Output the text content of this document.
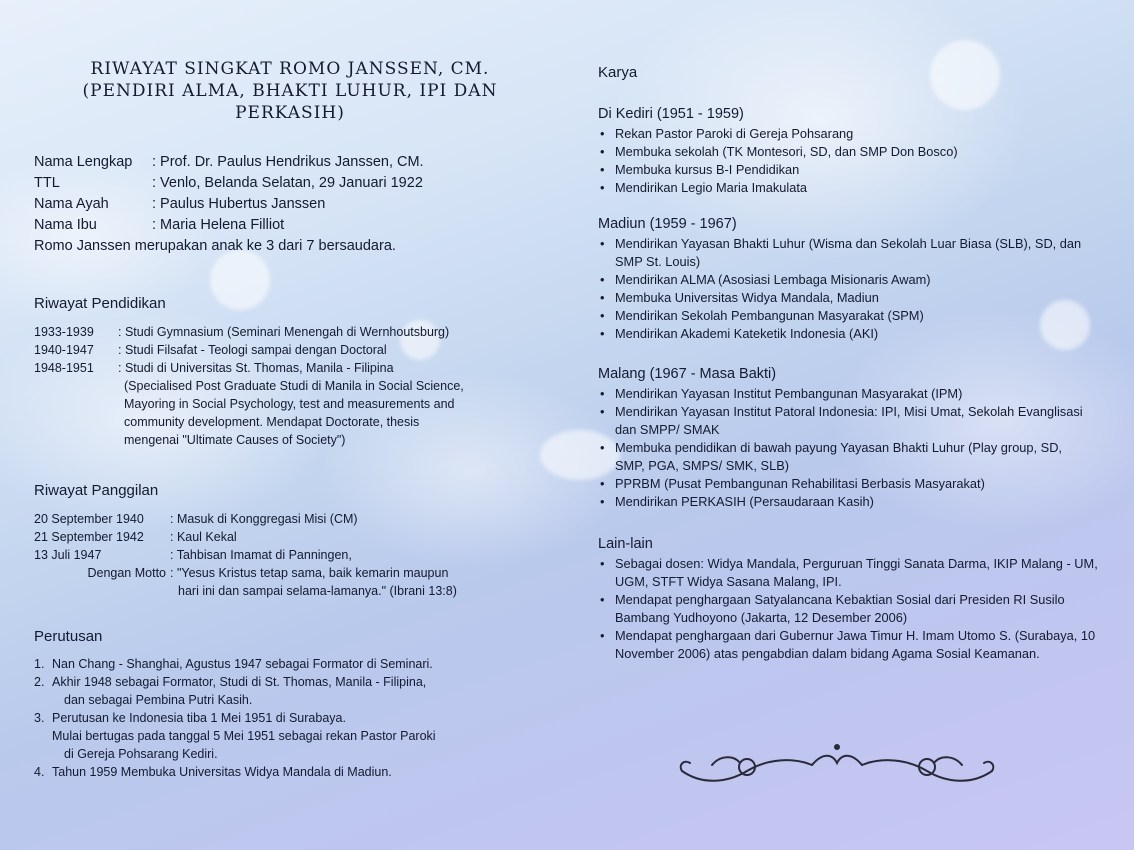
RIWAYAT SINGKAT ROMO JANSSEN, CM.
(PENDIRI ALMA, BHAKTI LUHUR, IPI DAN PERKASIH)
Nama Lengkap	: Prof. Dr. Paulus Hendrikus Janssen, CM.
TTL	: Venlo, Belanda Selatan, 29 Januari 1922
Nama Ayah	: Paulus Hubertus Janssen
Nama Ibu	: Maria Helena Filliot
Romo Janssen merupakan anak ke 3 dari 7 bersaudara.	
Riwayat Pendidikan
1933-1939	: Studi Gymnasium (Seminari Menengah di Wernhoutsburg)
1940-1947	: Studi Filsafat - Teologi sampai dengan Doctoral
1948-1951	: Studi di Universitas St. Thomas, Manila - Filipina
(Specialised Post Graduate Studi di Manila in Social Science,
Mayoring in Social Psychology, test and measurements and
community development. Mendapat Doctorate, thesis
mengenai "Ultimate Causes of Society")
Riwayat Panggilan
20 September 1940	: Masuk di Konggregasi Misi (CM)
21 September 1942	: Kaul Kekal
13 Juli 1947	: Tahbisan Imamat di Panningen,
Dengan Motto : "Yesus Kristus tetap sama, baik kemarin maupun
hari ini dan sampai selama-lamanya." (Ibrani 13:8)
Perutusan
1. Nan Chang - Shanghai, Agustus 1947 sebagai Formator di Seminari.
2. Akhir 1948 sebagai Formator, Studi di St. Thomas, Manila - Filipina,
dan sebagai Pembina Putri Kasih.
3. Perutusan ke Indonesia tiba 1 Mei 1951 di Surabaya.
Mulai bertugas pada tanggal 5 Mei 1951 sebagai rekan Pastor Paroki
di Gereja Pohsarang Kediri.
4. Tahun 1959 Membuka Universitas Widya Mandala di Madiun.
Karya
Di Kediri (1951 - 1959)
• Rekan Pastor Paroki di Gereja Pohsarang
• Membuka sekolah (TK Montesori, SD, dan SMP Don Bosco)
• Membuka kursus B-I Pendidikan
• Mendirikan Legio Maria Imakulata
Madiun (1959 - 1967)
• Mendirikan Yayasan Bhakti Luhur (Wisma dan Sekolah Luar Biasa (SLB), SD, dan SMP St. Louis)
• Mendirikan ALMA (Asosiasi Lembaga Misionaris Awam)
• Membuka Universitas Widya Mandala, Madiun
• Mendirikan Sekolah Pembangunan Masyarakat (SPM)
• Mendirikan Akademi Kateketik Indonesia (AKI)
Malang (1967 - Masa Bakti)
• Mendirikan Yayasan Institut Pembangunan Masyarakat (IPM)
• Mendirikan Yayasan Institut Patoral Indonesia: IPI, Misi Umat, Sekolah Evanglisasi dan SMPP/ SMAK
• Membuka pendidikan di bawah payung Yayasan Bhakti Luhur (Play group, SD, SMP, PGA, SMPS/ SMK, SLB)
• PPRBM (Pusat Pembangunan Rehabilitasi Berbasis Masyarakat)
• Mendirikan PERKASIH (Persaudaraan Kasih)
Lain-lain
• Sebagai dosen: Widya Mandala, Perguruan Tinggi Sanata Darma, IKIP Malang - UM, UGM, STFT Widya Sasana Malang, IPI.
• Mendapat penghargaan Satyalancana Kebaktian Sosial dari Presiden RI Susilo Bambang Yudhoyono (Jakarta, 12 Desember 2006)
• Mendapat penghargaan dari Gubernur Jawa Timur H. Imam Utomo S. (Surabaya, 10 November 2006) atas pengabdian dalam bidang Agama Sosial Keamanan.
